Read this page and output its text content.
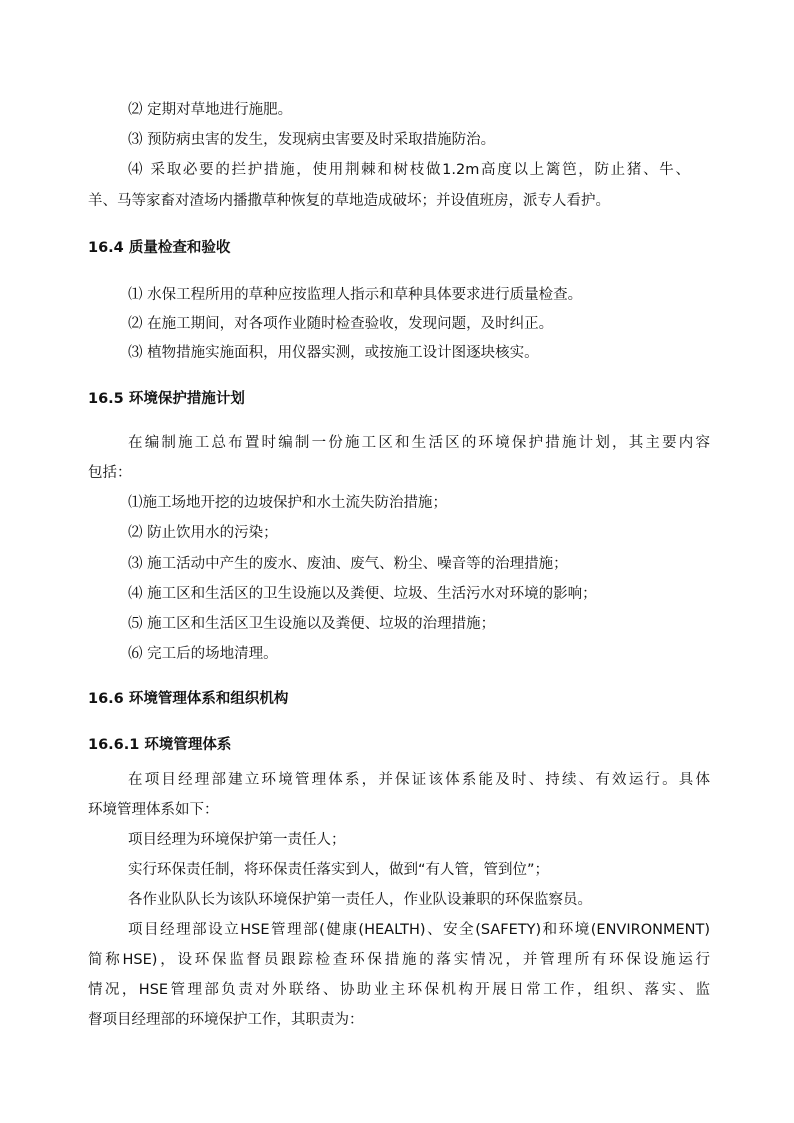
⑵ 定期对草地进行施肥。
⑶ 预防病虫害的发生，发现病虫害要及时采取措施防治。
⑷ 采取必要的拦护措施，使用荆棘和树枝做1.2m高度以上篱笆，防止猪、牛、
羊、马等家畜对渣场内播撒草种恢复的草地造成破坏；并设值班房，派专人看护。
16.4 质量检查和验收
⑴ 水保工程所用的草种应按监理人指示和草种具体要求进行质量检查。
⑵ 在施工期间，对各项作业随时检查验收，发现问题，及时纠正。
⑶ 植物措施实施面积，用仪器实测，或按施工设计图逐块核实。
16.5 环境保护措施计划
在编制施工总布置时编制一份施工区和生活区的环境保护措施计划，其主要内容
包括：
⑴施工场地开挖的边坡保护和水土流失防治措施；
⑵ 防止饮用水的污染；
⑶ 施工活动中产生的废水、废油、废气、粉尘、噪音等的治理措施；
⑷ 施工区和生活区的卫生设施以及粪便、垃圾、生活污水对环境的影响；
⑸ 施工区和生活区卫生设施以及粪便、垃圾的治理措施；
⑹ 完工后的场地清理。
16.6 环境管理体系和组织机构
16.6.1 环境管理体系
在项目经理部建立环境管理体系，并保证该体系能及时、持续、有效运行。具体
环境管理体系如下：
项目经理为环境保护第一责任人；
实行环保责任制，将环保责任落实到人，做到“有人管，管到位”；
各作业队队长为该队环境保护第一责任人，作业队设兼职的环保监察员。
项目经理部设立HSE管理部(健康(HEALTH)、安全(SAFETY)和环境(ENVIRONMENT)
简称HSE)，设环保监督员跟踪检查环保措施的落实情况，并管理所有环保设施运行
情况，HSE管理部负责对外联络、协助业主环保机构开展日常工作，组织、落实、监
督项目经理部的环境保护工作，其职责为：
